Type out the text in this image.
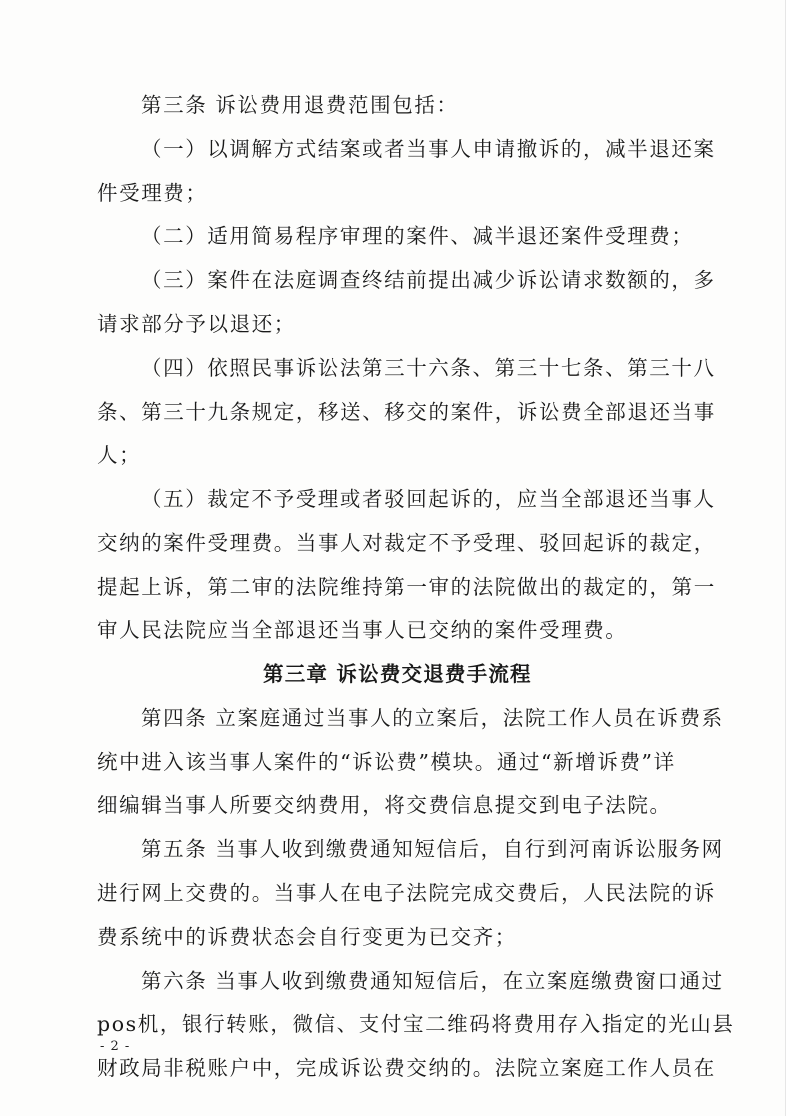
第三条 诉讼费用退费范围包括：
（一）以调解方式结案或者当事人申请撤诉的，减半退还案
件受理费；
（二）适用简易程序审理的案件、减半退还案件受理费；
（三）案件在法庭调查终结前提出减少诉讼请求数额的，多
请求部分予以退还；
（四）依照民事诉讼法第三十六条、第三十七条、第三十八
条、第三十九条规定，移送、移交的案件，诉讼费全部退还当事
人；
（五）裁定不予受理或者驳回起诉的，应当全部退还当事人
交纳的案件受理费。当事人对裁定不予受理、驳回起诉的裁定，
提起上诉，第二审的法院维持第一审的法院做出的裁定的，第一
审人民法院应当全部退还当事人已交纳的案件受理费。
第三章 诉讼费交退费手流程
第四条 立案庭通过当事人的立案后，法院工作人员在诉费系
统中进入该当事人案件的“诉讼费”模块。通过“新增诉费”详
细编辑当事人所要交纳费用，将交费信息提交到电子法院。
第五条 当事人收到缴费通知短信后，自行到河南诉讼服务网
进行网上交费的。当事人在电子法院完成交费后，人民法院的诉
费系统中的诉费状态会自行变更为已交齐；
第六条 当事人收到缴费通知短信后，在立案庭缴费窗口通过
pos机，银行转账，微信、支付宝二维码将费用存入指定的光山县
财政局非税账户中，完成诉讼费交纳的。法院立案庭工作人员在
- 2 -
